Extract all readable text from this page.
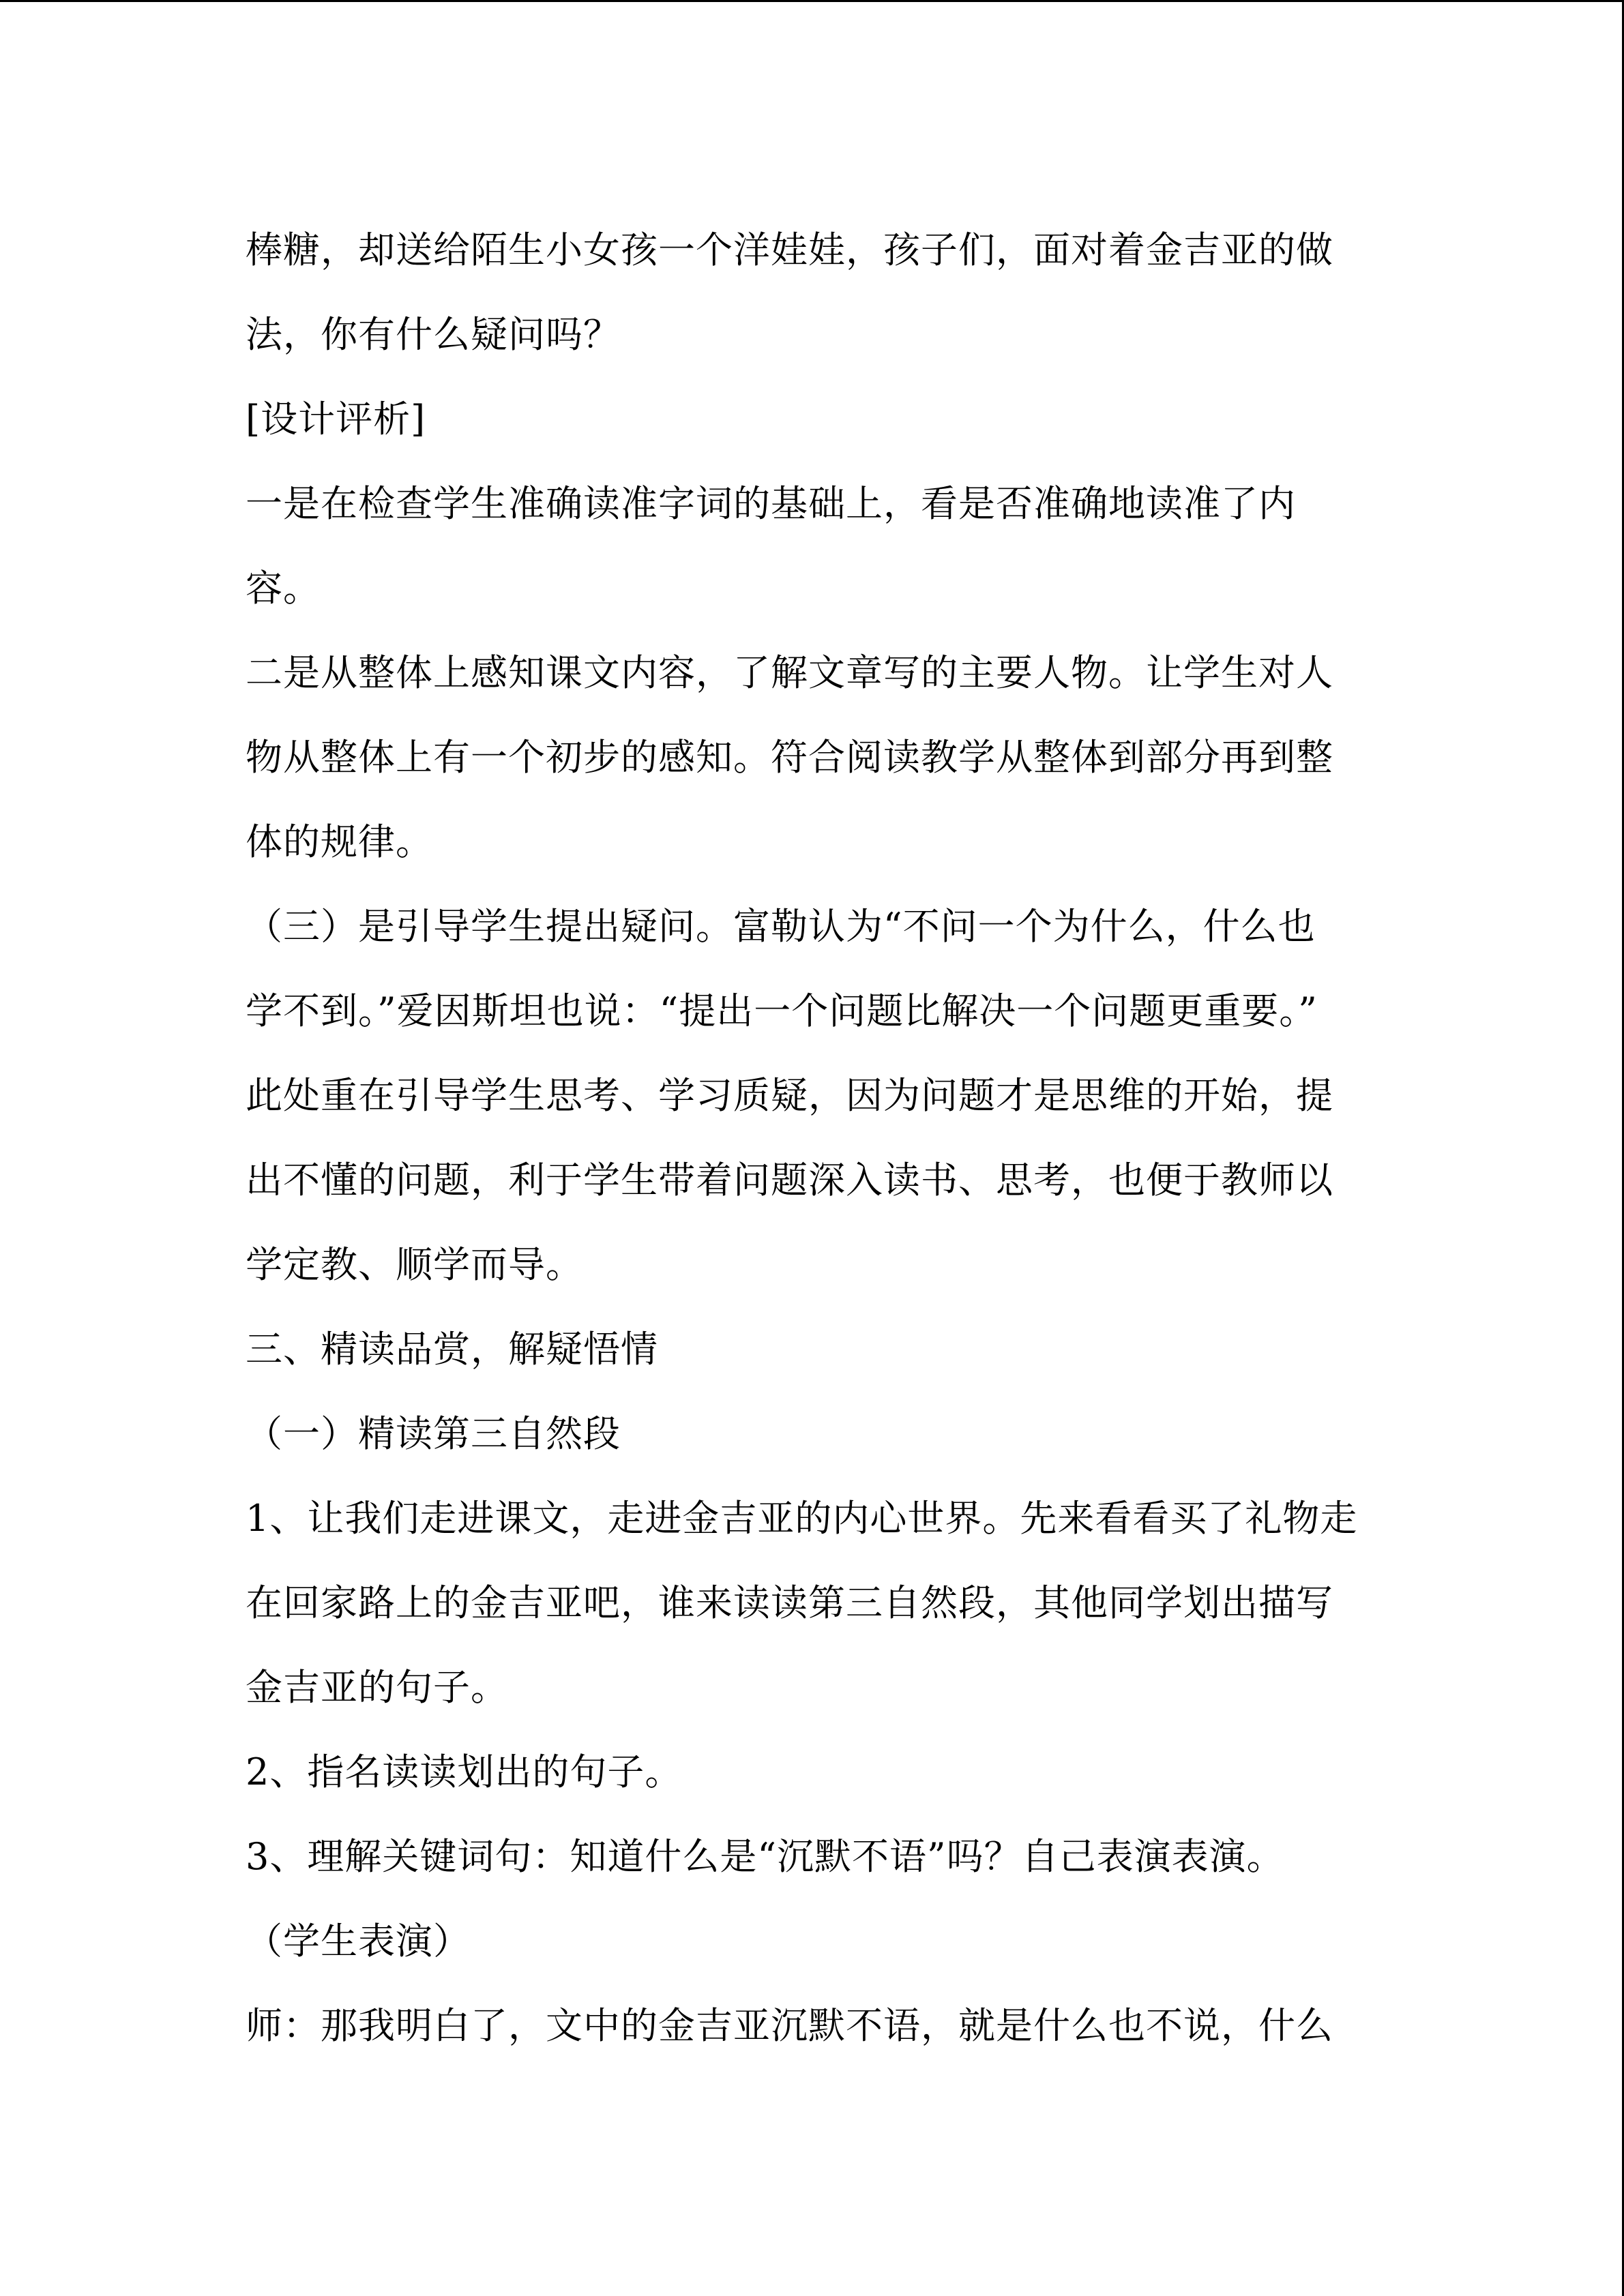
棒糖，却送给陌生小女孩一个洋娃娃，孩子们，面对着金吉亚的做
法，你有什么疑问吗？
[设计评析]
一是在检查学生准确读准字词的基础上，看是否准确地读准了内
容。
二是从整体上感知课文内容，了解文章写的主要人物。让学生对人
物从整体上有一个初步的感知。符合阅读教学从整体到部分再到整
体的规律。
（三）是引导学生提出疑问。富勒认为“不问一个为什么，什么也
学不到。”爱因斯坦也说：“提出一个问题比解决一个问题更重要。”
此处重在引导学生思考、学习质疑，因为问题才是思维的开始，提
出不懂的问题，利于学生带着问题深入读书、思考，也便于教师以
学定教、顺学而导。
三、精读品赏，解疑悟情
（一）精读第三自然段
1、让我们走进课文，走进金吉亚的内心世界。先来看看买了礼物走
在回家路上的金吉亚吧，谁来读读第三自然段，其他同学划出描写
金吉亚的句子。
2、指名读读划出的句子。
3、理解关键词句：知道什么是“沉默不语”吗？自己表演表演。
（学生表演）
师：那我明白了，文中的金吉亚沉默不语，就是什么也不说，什么
